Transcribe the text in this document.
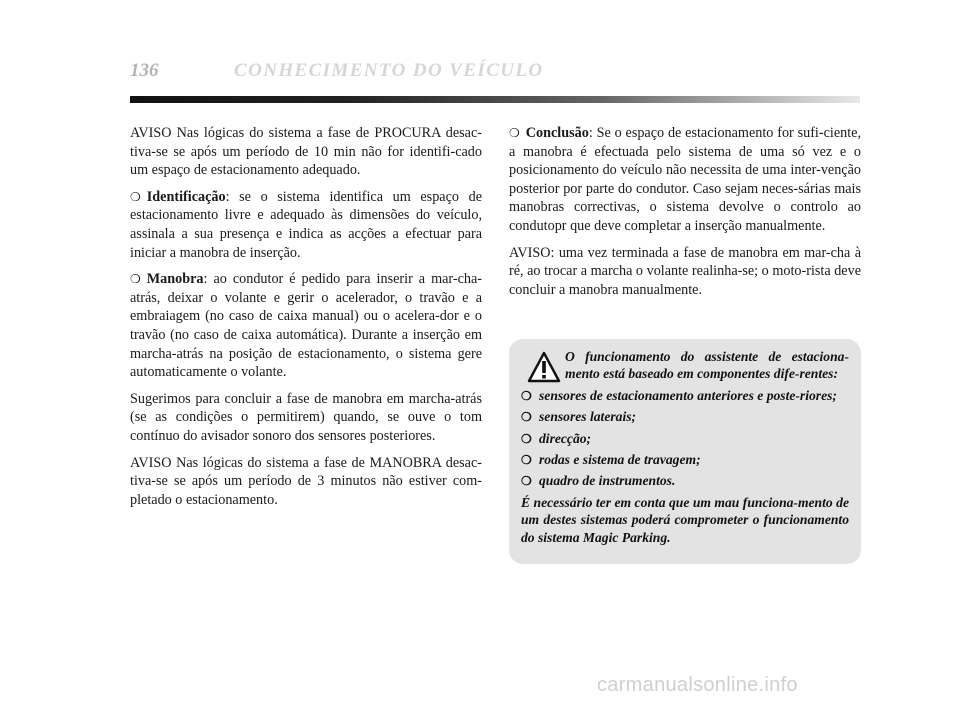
136	CONHECIMENTO DO VEÍCULO

AVISO Nas lógicas do sistema a fase de PROCURA desac-tiva-se se após um período de 10 min não for identifi-cado um espaço de estacionamento adequado.

❍ Identificação: se o sistema identifica um espaço de estacionamento livre e adequado às dimensões do veículo, assinala a sua presença e indica as acções a efectuar para iniciar a manobra de inserção.

❍ Manobra: ao condutor é pedido para inserir a mar-cha-atrás, deixar o volante e gerir o acelerador, o travão e a embraiagem (no caso de caixa manual) ou o acelera-dor e o travão (no caso de caixa automática). Durante a inserção em marcha-atrás na posição de estacionamento, o sistema gere automaticamente o volante.

Sugerimos para concluir a fase de manobra em marcha-atrás (se as condições o permitirem) quando, se ouve o tom contínuo do avisador sonoro dos sensores posteriores.

AVISO Nas lógicas do sistema a fase de MANOBRA desac-tiva-se se após um período de 3 minutos não estiver com-pletado o estacionamento.

❍ Conclusão: Se o espaço de estacionamento for sufi-ciente, a manobra é efectuada pelo sistema de uma só vez e o posicionamento do veículo não necessita de uma inter-venção posterior por parte do condutor. Caso sejam neces-sárias mais manobras correctivas, o sistema devolve o controlo ao condutopr que deve completar a inserção manualmente.

AVISO: uma vez terminada a fase de manobra em mar-cha à ré, ao trocar a marcha o volante realinha-se; o moto-rista deve concluir a manobra manualmente.

O funcionamento do assistente de estaciona-mento está baseado em componentes dife-rentes:

❍ sensores de estacionamento anteriores e poste-riores;
❍ sensores laterais;
❍ direcção;
❍ rodas e sistema de travagem;
❍ quadro de instrumentos.

É necessário ter em conta que um mau funciona-mento de um destes sistemas poderá comprometer o funcionamento do sistema Magic Parking.

carmanualsonline.info
